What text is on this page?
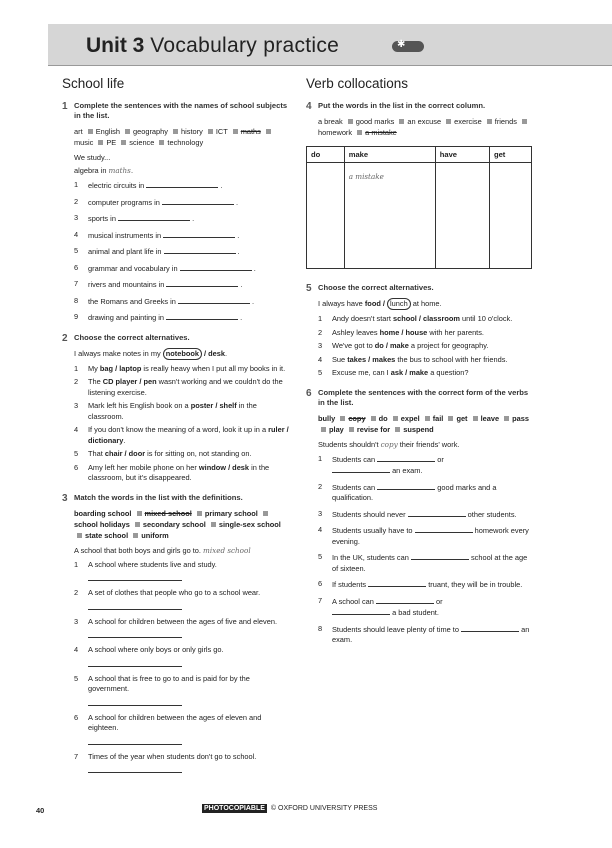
Unit 3 Vocabulary practice	✱
School life
1 Complete the sentences with the names of school subjects in the list.
art English geography history ICT maths music PE science technology
We study...
algebra in maths.
1 electric circuits in	.
2 computer programs in	.
3 sports in	.
4 musical instruments in	.
5 animal and plant life in	.
6 grammar and vocabulary in	.
7 rivers and mountains in	.
8 the Romans and Greeks in	.
9 drawing and painting in	.
2 Choose the correct alternatives.
I always make notes in my notebook / desk.
1 My bag / laptop is really heavy when I put all my books in it.
2 The CD player / pen wasn't working and we couldn't do the listening exercise.
3 Mark left his English book on a poster / shelf in the classroom.
4 If you don't know the meaning of a word, look it up in a ruler / dictionary.
5 That chair / door is for sitting on, not standing on.
6 Amy left her mobile phone on her window / desk in the classroom, but it's disappeared.
3 Match the words in the list with the definitions.
boarding school mixed school primary school school holidays secondary school single-sex school state school uniform
A school that both boys and girls go to. mixed school
1 A school where students live and study.
2 A set of clothes that people who go to a school wear.
3 A school for children between the ages of five and eleven.
4 A school where only boys or only girls go.
5 A school that is free to go to and is paid for by the government.
6 A school for children between the ages of eleven and eighteen.
7 Times of the year when students don't go to school.
Verb collocations
4 Put the words in the list in the correct column.
a break good marks an excuse exercise friends homework a mistake
do	make	have	get
	a mistake		
5 Choose the correct alternatives.
I always have food / lunch at home.
1 Andy doesn't start school / classroom until 10 o'clock.
2 Ashley leaves home / house with her parents.
3 We've got to do / make a project for geography.
4 Sue takes / makes the bus to school with her friends.
5 Excuse me, can I ask / make a question?
6 Complete the sentences with the correct form of the verbs in the list.
bully copy do expel fail get leave pass play revise for suspend
Students shouldn't copy their friends' work.
1 Students can	or
an exam.
2 Students can	good marks and a qualification.
3 Students should never	other students.
4 Students usually have to	homework every evening.
5 In the UK, students can	school at the age of sixteen.
6 If students	truant, they will be in trouble.
7 A school can	or
a bad student.
8 Students should leave plenty of time to	an exam.
40	PHOTOCOPIABLE © OXFORD UNIVERSITY PRESS
